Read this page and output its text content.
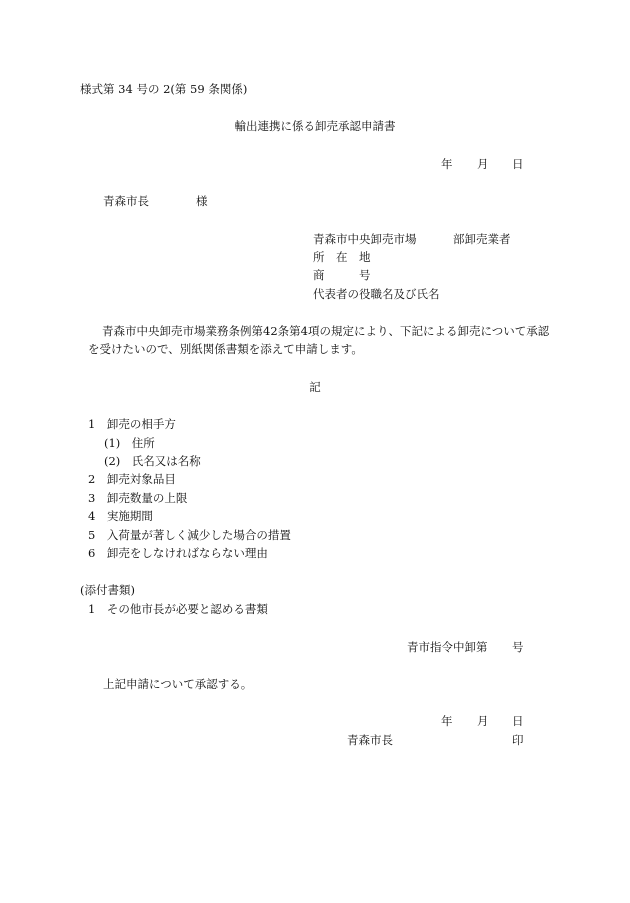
様式第 34 号の 2(第 59 条関係)
輸出連携に係る卸売承認申請書
年 月 日
青森市長	様
青森市中央卸売市場	部卸売業者
所　在　地
商　　　号
代表者の役職名及び氏名
青森市中央卸売市場業務条例第42条第4項の規定により、下記による卸売について承認を受けたいので、別紙関係書類を添えて申請します。
記
1　卸売の相手方
(1)　住所
(2)　氏名又は名称
2　卸売対象品目
3　卸売数量の上限
4　実施期間
5　入荷量が著しく減少した場合の措置
6　卸売をしなければならない理由
(添付書類)
1　その他市長が必要と認める書類
青市指令中卸第 号
上記申請について承認する。
年 月 日
青森市長	印
